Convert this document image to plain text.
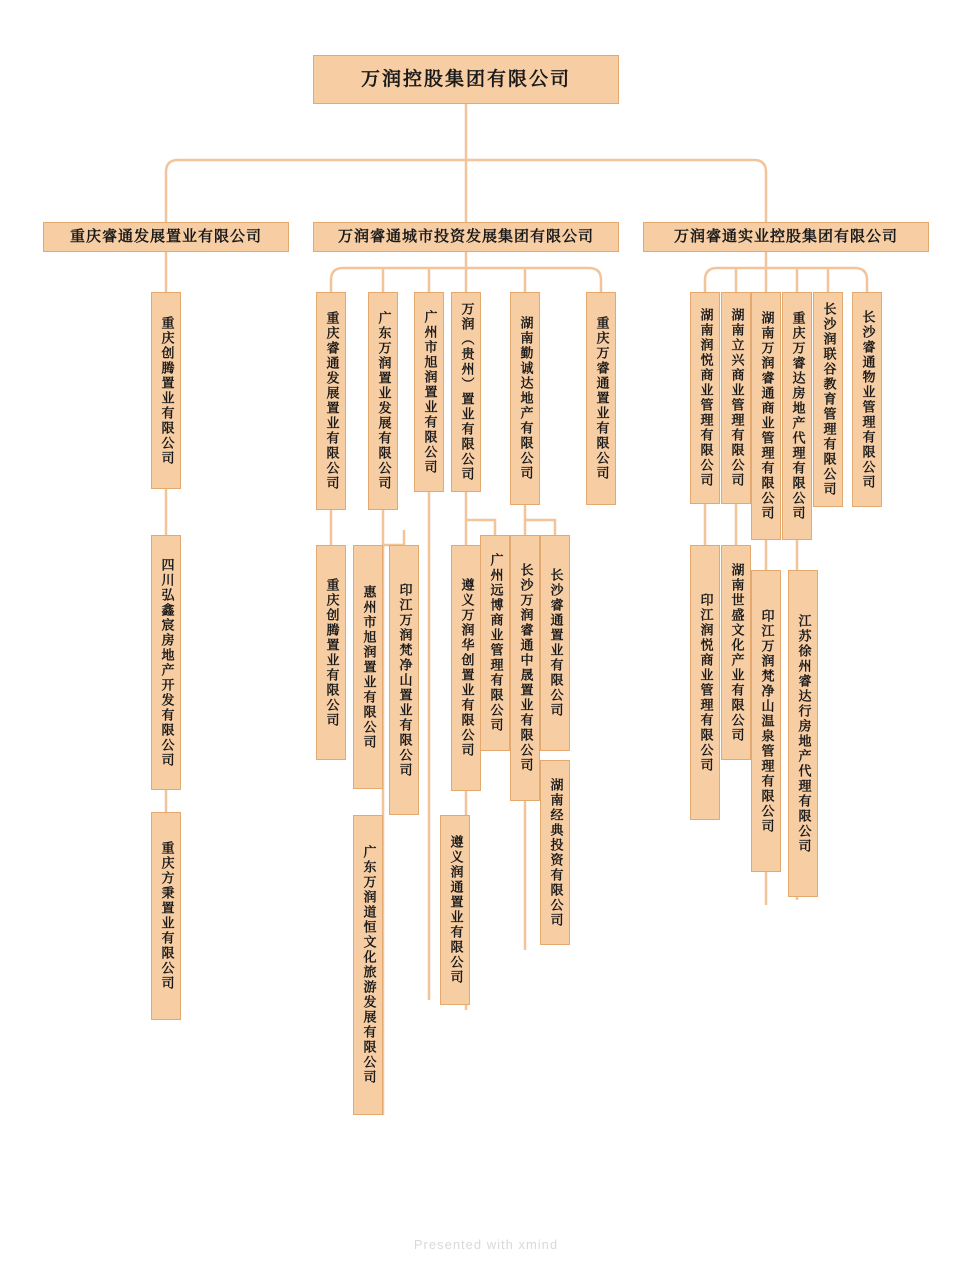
万润控股集团有限公司
重庆睿通发展置业有限公司	万润睿通城市投资发展集团有限公司	万润睿通实业控股集团有限公司
重庆创腾置业有限公司
四川弘鑫宸房地产开发有限公司
重庆方秉置业有限公司
重庆睿通发展置业有限公司	广东万润置业发展有限公司 广州市旭润置业有限公司 万润（贵州）置业有限公司	湖南勤诚达地产有限公司	重庆万睿通置业有限公司
重庆创腾置业有限公司 惠州市旭润置业有限公司 印江万润梵净山置业有限公司	遵义万润华创置业有限公司 广州远博商业管理有限公司 长沙万润睿通中晟置业有限公司 长沙睿通置业有限公司
广东万润道恒文化旅游发展有限公司	遵义润通置业有限公司	湖南经典投资有限公司
湖南润悦商业管理有限公司 湖南立兴商业管理有限公司 湖南万润睿通商业管理有限公司 重庆万睿达房地产代理有限公司 长沙润联谷教育管理有限公司 长沙睿通物业管理有限公司
印江润悦商业管理有限公司 湖南世盛文化产业有限公司 印江万润梵净山温泉管理有限公司 江苏徐州睿达行房地产代理有限公司
Presented with xmind
